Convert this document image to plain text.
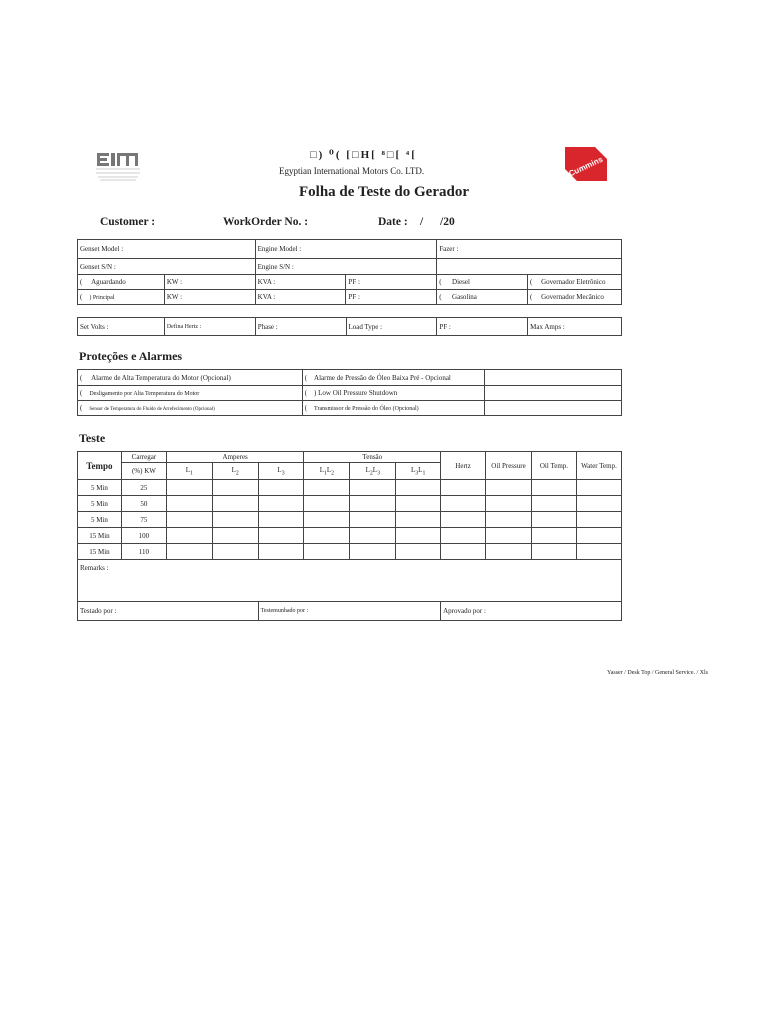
Cummins
□) ⁰( [□H[ ⁸□[ ⁴[
Egyptian International Motors Co. LTD.
Folha de Teste do Gerador
Customer :	WorkOrder No. :	Date : / /20
Genset Model :		Engine Model :		Fazer :	
Genset S/N :		Engine S/N :			
( Aguardando	KW :	KVA :	PF :	( Diesel	( Governador Eletrônico
( ) Principal	KW :	KVA :	PF :	( Gasolina	( Governador Mecânico
Set Volts :	Defina Hertz :	Phase :	Load Type :	PF :	Max Amps :
Proteções e Alarmes
( Alarme de Alta Temperatura do Motor (Opcional)	( Alarme de Pressão de Óleo Baixa Pré - Opcional	
( Desligamento por Alta Temperatura do Motor	( ) Low Oil Pressure Shutdown	
( Sensor de Temperatura do Fluido de Arrefecimento (Opcional)	( Transmissor de Pressão do Óleo (Opcional)	
Teste
Tempo	Carregar	Amperes			Tensão			Hertz	Oil Pressure	Oil Temp.	Water Temp.
	(%) KW	$L_1$	$L_2$	$L_3$	$L_1L_2$	$L_2L_3$	$L_3L_1$
5 Min	25										
5 Min	50										
5 Min	75										
15 Min	100										
15 Min	110										
Remarks :											
Testado por :				Testemunhado por :				Aprovado por :			
Yasser / Desk Top / General Service. / Xls
